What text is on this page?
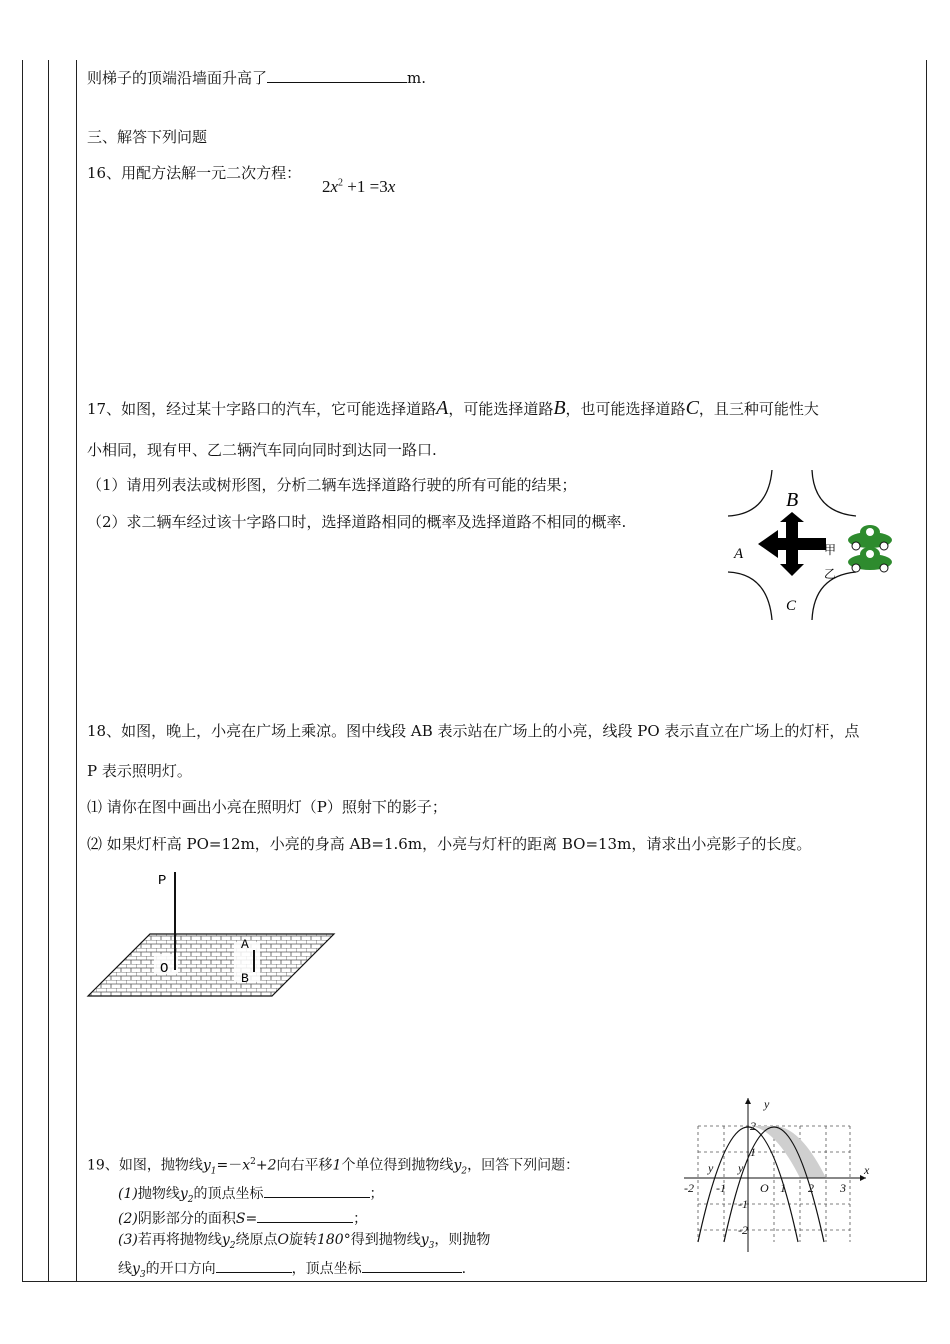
则梯子的顶端沿墙面升高了	m.
三、解答下列问题
16、用配方法解一元二次方程：
$2x^2 +1 =3x$
17、如图，经过某十字路口的汽车，它可能选择道路A，可能选择道路B，也可能选择道路C，且三种可能性大
小相同，现有甲、乙二辆汽车同向同时到达同一路口.
（1）请用列表法或树形图，分析二辆车选择道路行驶的所有可能的结果；
（2）求二辆车经过该十字路口时，选择道路相同的概率及选择道路不相同的概率.
B
A
C
甲
乙
18、如图，晚上，小亮在广场上乘凉。图中线段 AB 表示站在广场上的小亮，线段 PO 表示直立在广场上的灯杆，点
P 表示照明灯。
⑴ 请你在图中画出小亮在照明灯（P）照射下的影子；
⑵ 如果灯杆高 PO=12m，小亮的身高 AB=1.6m，小亮与灯杆的距离 BO=13m，请求出小亮影子的长度。
P
O
A
B
19、如图，抛物线$y_1=-x^2+2$向右平移1个单位得到抛物线$y_2$，回答下列问题：
(1)抛物线$y_2$的顶点坐标	；
(2)阴影部分的面积S=	；
(3)若再将抛物线$y_2$绕原点O旋转180°得到抛物线$y_3$，则抛物
线$y_3$的开口方向	，顶点坐标	.
y
x
-2 -1	O 1 2 3
2
1
-1
-2
y y
